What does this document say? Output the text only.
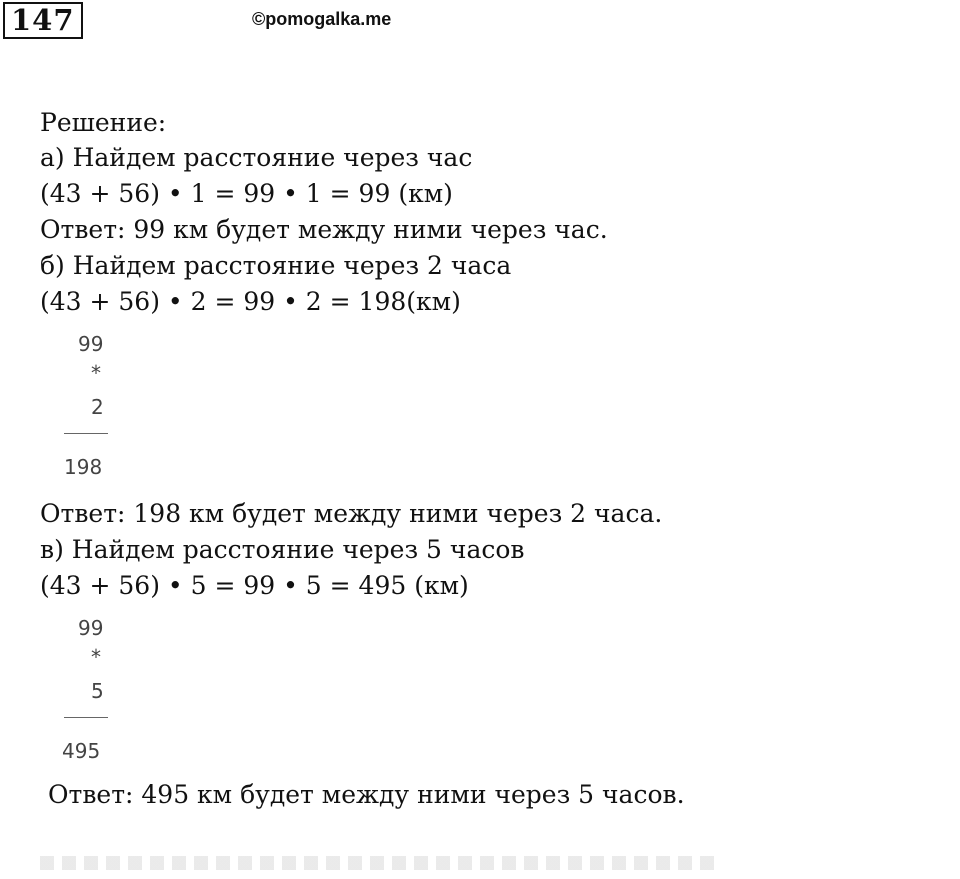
147	©pomogalka.me
Решение:
а) Найдем расстояние через час
(43 + 56) • 1 = 99 • 1 = 99 (км)
Ответ: 99 км будет между ними через час.
б) Найдем расстояние через 2 часа
(43 + 56) • 2 = 99 • 2 = 198(км)
99
*
2
198
Ответ: 198 км будет между ними через 2 часа.
в) Найдем расстояние через 5 часов
(43 + 56) • 5 = 99 • 5 = 495 (км)
99
*
5
495
Ответ: 495 км будет между ними через 5 часов.
